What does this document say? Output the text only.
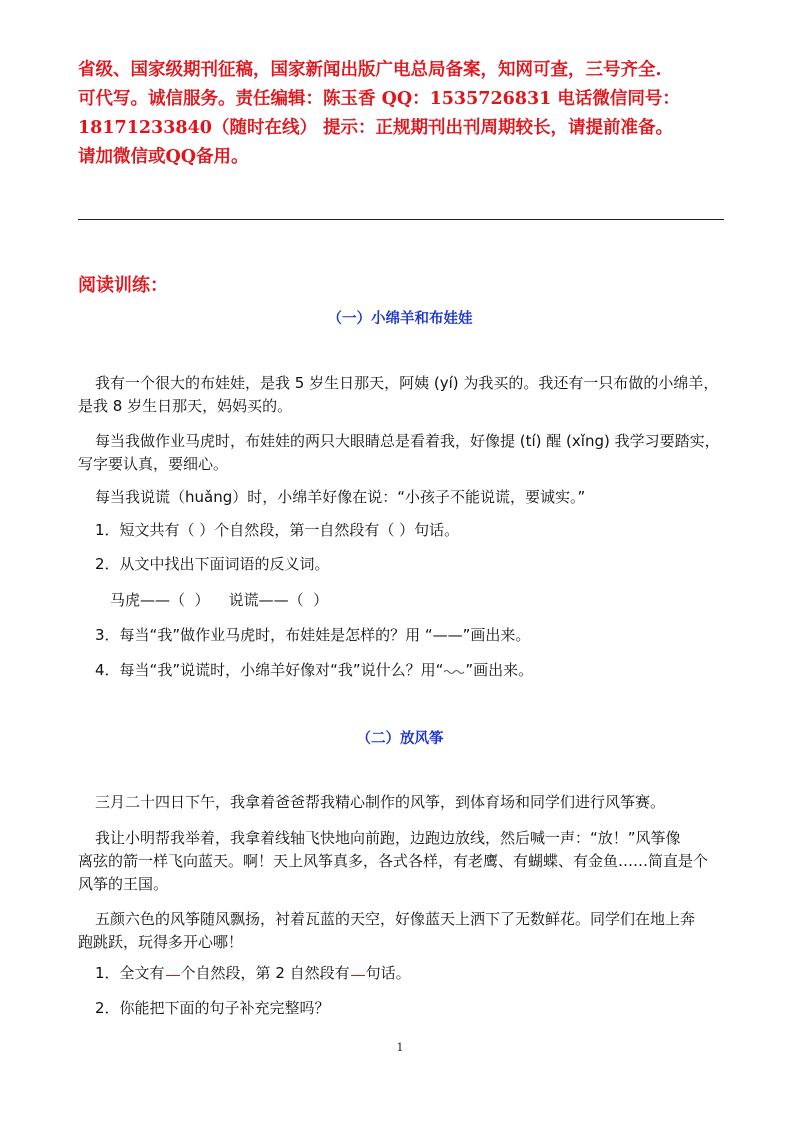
省级、国家级期刊征稿，国家新闻出版广电总局备案，知网可查，三号齐全.
可代写。诚信服务。责任编辑：陈玉香 QQ：1535726831 电话微信同号：
18171233840（随时在线） 提示：正规期刊出刊周期较长，请提前准备。
请加微信或QQ备用。
阅读训练：
（一）小绵羊和布娃娃
我有一个很大的布娃娃，是我 5 岁生日那天，阿姨 (yí) 为我买的。我还有一只布做的小绵羊，
是我 8 岁生日那天，妈妈买的。
每当我做作业马虎时，布娃娃的两只大眼睛总是看着我，好像提 (tí) 醒 (xǐng) 我学习要踏实，
写字要认真，要细心。
每当我说谎（huǎng）时，小绵羊好像在说：“小孩子不能说谎，要诚实。”
1．短文共有（ ）个自然段，第一自然段有（ ）句话。
2．从文中找出下面词语的反义词。
马虎——（  ）    说谎——（  ）
3．每当“我”做作业马虎时，布娃娃是怎样的？用 “——”画出来。
4．每当“我”说谎时，小绵羊好像对“我”说什么？用“ ”画出来。
（二）放风筝
三月二十四日下午，我拿着爸爸帮我精心制作的风筝，到体育场和同学们进行风筝赛。
我让小明帮我举着，我拿着线轴飞快地向前跑，边跑边放线，然后喊一声：“放！”风筝像
离弦的箭一样飞向蓝天。啊！天上风筝真多，各式各样，有老鹰、有蝴蝶、有金鱼……简直是个
风筝的王国。
五颜六色的风筝随风飘扬，衬着瓦蓝的天空，好像蓝天上洒下了无数鲜花。同学们在地上奔
跑跳跃，玩得多开心哪！
1．全文有 个自然段，第 2 自然段有 句话。
2．你能把下面的句子补充完整吗？
1
